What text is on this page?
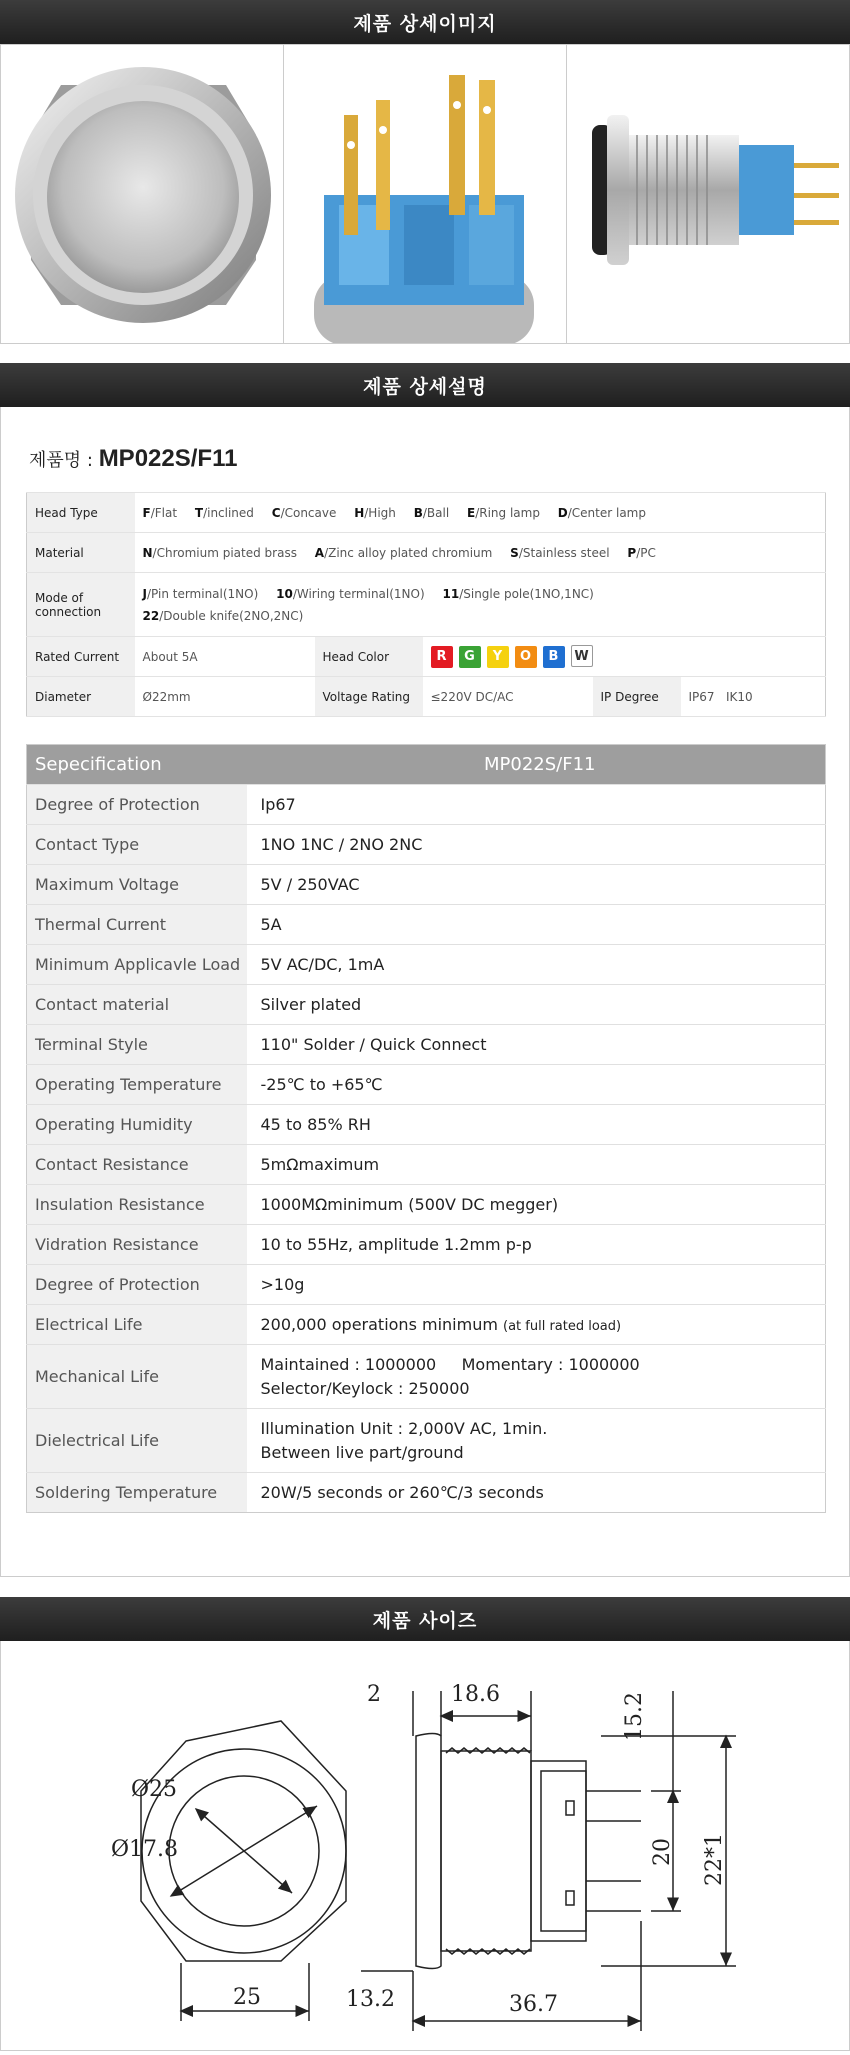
제품 상세이미지
제품 상세설명
제품명 : MP022S/F11
Head Type	F/Flat T/inclined C/Concave H/High B/Ball E/Ring lamp D/Center lamp				
Material	N/Chromium piated brass A/Zinc alloy plated chromium S/Stainless steel P/PC				
Mode of
connection	J/Pin terminal(1NO) 10/Wiring terminal(1NO) 11/Single pole(1NO,1NC)
22/Double knife(2NO,2NC)				
Rated Current	About 5A	Head Color	R G Y O B W		
Diameter	Ø22mm	Voltage Rating	≤220V DC/AC	IP Degree	IP67   IK10
Sepecification	MP022S/F11
Degree of Protection	Ip67
Contact Type	1NO 1NC / 2NO 2NC
Maximum Voltage	5V / 250VAC
Thermal Current	5A
Minimum Applicavle Load	5V AC/DC, 1mA
Contact material	Silver plated
Terminal Style	110" Solder / Quick Connect
Operating Temperature	-25℃ to +65℃
Operating Humidity	45 to 85% RH
Contact Resistance	5mΩmaximum
Insulation Resistance	1000MΩminimum (500V DC megger)
Vidration Resistance	10 to 55Hz, amplitude 1.2mm p-p
Degree of Protection	>10g
Electrical Life	200,000 operations minimum (at full rated load)
Mechanical Life	Maintained : 1000000     Momentary : 1000000
Selector/Keylock : 250000
Dielectrical Life	Illumination Unit : 2,000V AC, 1min.
Between live part/ground
Soldering Temperature	20W/5 seconds or 260℃/3 seconds
제품 사이즈
Ø25
Ø17.8
25
2	18.6	15.2
20 22*1
13.2	36.7
